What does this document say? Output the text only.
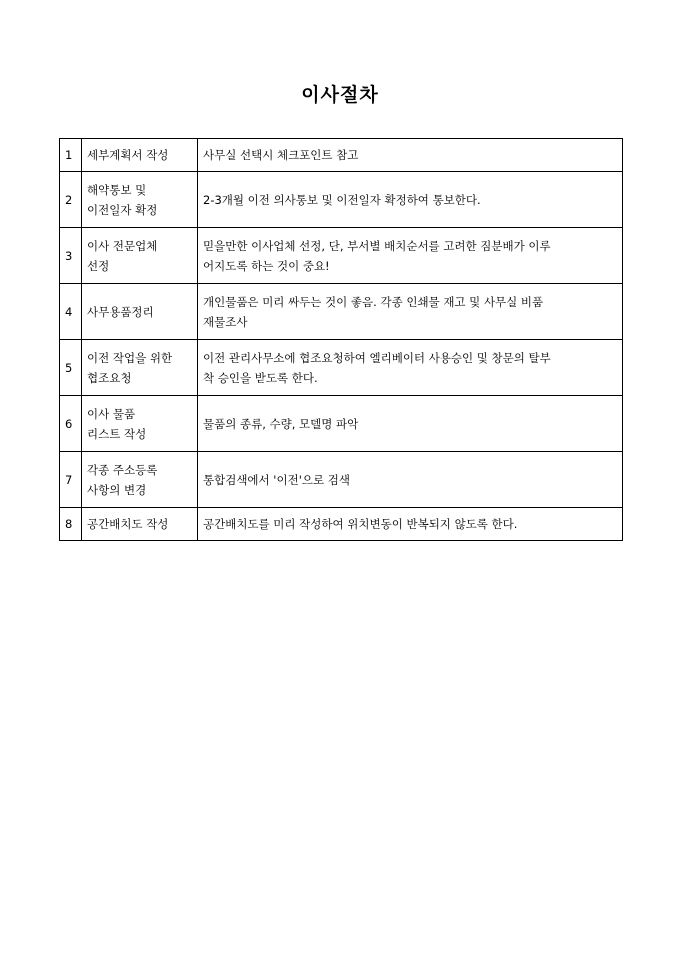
이사절차
1	세부계획서 작성	사무실 선택시 체크포인트 참고
2	해약통보 및
이전일자 확정	2-3개월 이전 의사통보 및 이전일자 확정하여 통보한다.
3	이사 전문업체
선정	믿을만한 이사업체 선정, 단, 부서별 배치순서를 고려한 짐분배가 이루
어지도록 하는 것이 중요!
4	사무용품정리	개인물품은 미리 싸두는 것이 좋음. 각종 인쇄물 재고 및 사무실 비품
재물조사
5	이전 작업을 위한
협조요청	이전 관리사무소에 협조요청하여 엘리베이터 사용승인 및 창문의 탈부
착 승인을 받도록 한다.
6	이사 물품
리스트 작성	물품의 종류, 수량, 모델명 파악
7	각종 주소등록
사항의 변경	통합검색에서 '이전'으로 검색
8	공간배치도 작성	공간배치도를 미리 작성하여 위치변동이 반복되지 않도록 한다.
